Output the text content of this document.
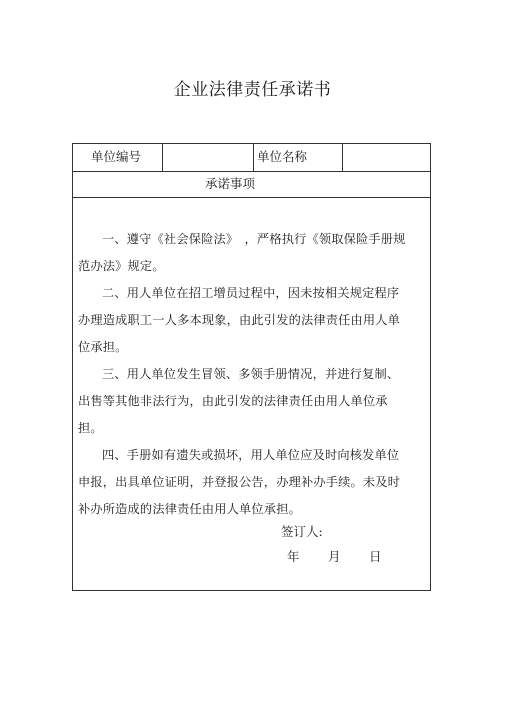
企业法律责任承诺书
单位编号	单位名称
承诺事项
一、遵守《社会保险法》　，严格执行《领取保险手册规
范办法》规定。
二、用人单位在招工增员过程中，因未按相关规定程序
办理造成职工一人多本现象，由此引发的法律责任由用人单
位承担。
三、用人单位发生冒领、多领手册情况，并进行复制、
出售等其他非法行为，由此引发的法律责任由用人单位承
担。
四、手册如有遗失或损坏，用人单位应及时向核发单位
申报，出具单位证明，并登报公告，办理补办手续。未及时
补办所造成的法律责任由用人单位承担。
签订人:
年 月 日
